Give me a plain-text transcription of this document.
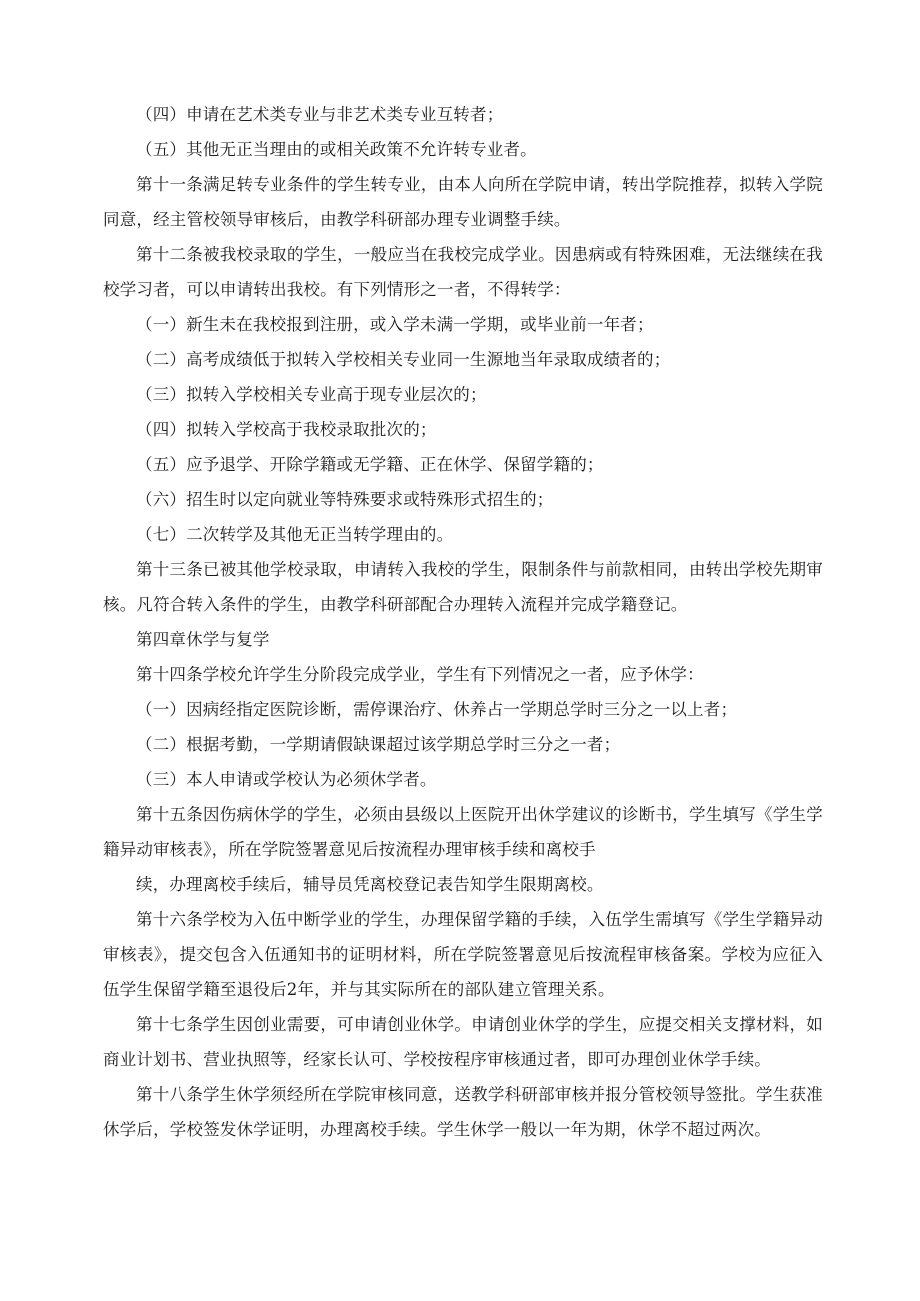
（四）申请在艺术类专业与非艺术类专业互转者；

（五）其他无正当理由的或相关政策不允许转专业者。

第十一条满足转专业条件的学生转专业，由本人向所在学院申请，转出学院推荐，拟转入学院同意，经主管校领导审核后，由教学科研部办理专业调整手续。

第十二条被我校录取的学生，一般应当在我校完成学业。因患病或有特殊困难，无法继续在我校学习者，可以申请转出我校。有下列情形之一者，不得转学：

（一）新生未在我校报到注册，或入学未满一学期，或毕业前一年者；

（二）高考成绩低于拟转入学校相关专业同一生源地当年录取成绩者的；

（三）拟转入学校相关专业高于现专业层次的；

（四）拟转入学校高于我校录取批次的；

（五）应予退学、开除学籍或无学籍、正在休学、保留学籍的；

（六）招生时以定向就业等特殊要求或特殊形式招生的；

（七）二次转学及其他无正当转学理由的。

第十三条已被其他学校录取，申请转入我校的学生，限制条件与前款相同，由转出学校先期审核。凡符合转入条件的学生，由教学科研部配合办理转入流程并完成学籍登记。

第四章休学与复学

第十四条学校允许学生分阶段完成学业，学生有下列情况之一者，应予休学：

（一）因病经指定医院诊断，需停课治疗、休养占一学期总学时三分之一以上者；

（二）根据考勤，一学期请假缺课超过该学期总学时三分之一者；

（三）本人申请或学校认为必须休学者。

第十五条因伤病休学的学生，必须由县级以上医院开出休学建议的诊断书，学生填写《学生学籍异动审核表》，所在学院签署意见后按流程办理审核手续和离校手

续，办理离校手续后，辅导员凭离校登记表告知学生限期离校。

第十六条学校为入伍中断学业的学生，办理保留学籍的手续，入伍学生需填写《学生学籍异动审核表》，提交包含入伍通知书的证明材料，所在学院签署意见后按流程审核备案。学校为应征入伍学生保留学籍至退役后2年，并与其实际所在的部队建立管理关系。

第十七条学生因创业需要，可申请创业休学。申请创业休学的学生，应提交相关支撑材料，如商业计划书、营业执照等，经家长认可、学校按程序审核通过者，即可办理创业休学手续。

第十八条学生休学须经所在学院审核同意，送教学科研部审核并报分管校领导签批。学生获准休学后，学校签发休学证明，办理离校手续。学生休学一般以一年为期，休学不超过两次。
